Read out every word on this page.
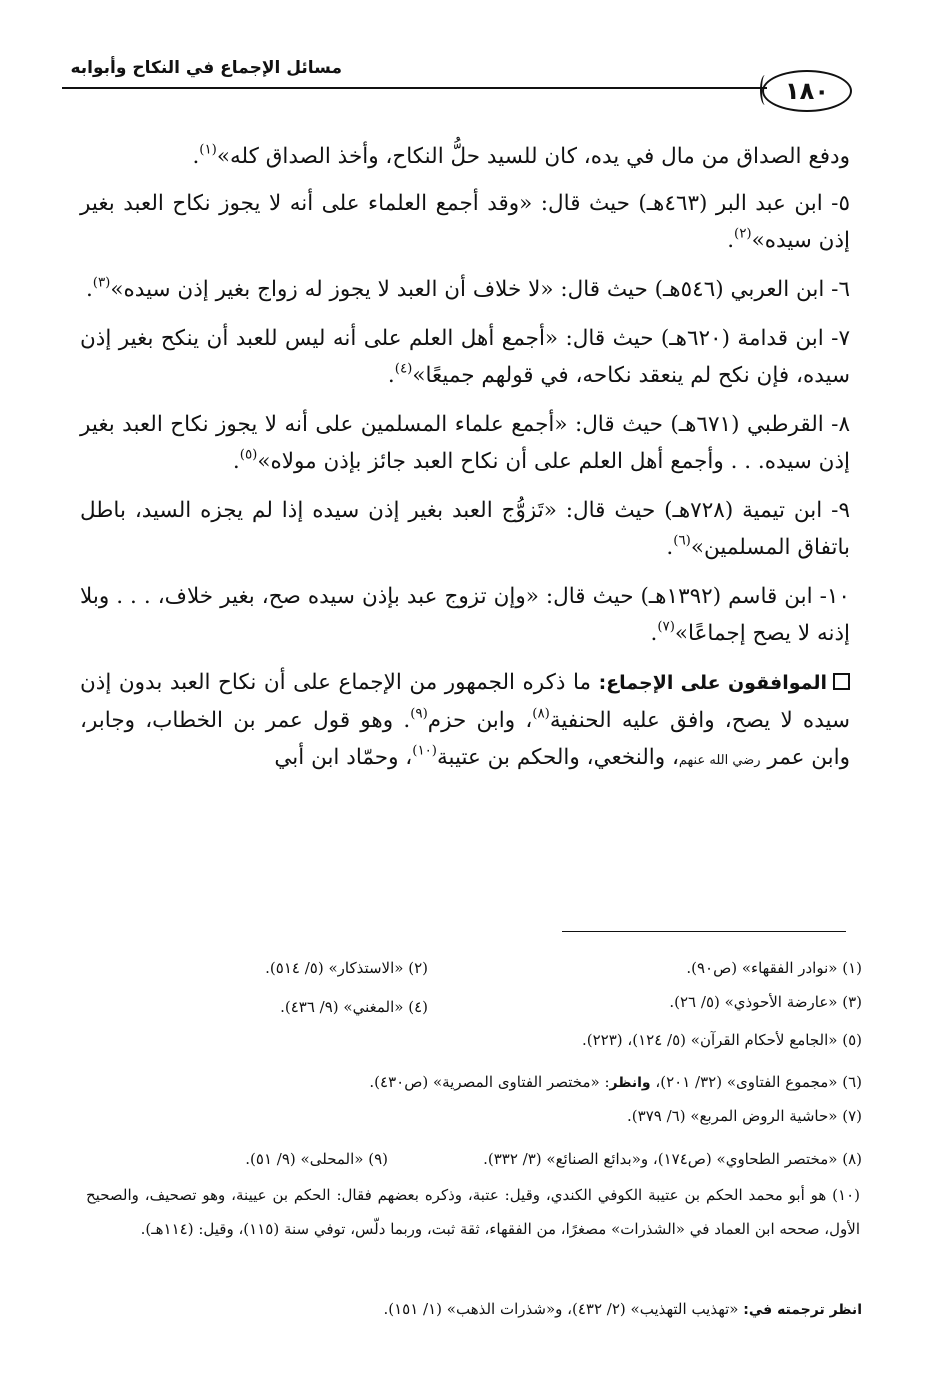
مسائل الإجماع في النكاح وأبوابه
١٨٠

ودفع الصداق من مال في يده، كان للسيد حلُّ النكاح، وأخذ الصداق كله»$^{(١)}$.

٥- ابن عبد البر (٤٦٣هـ) حيث قال: «وقد أجمع العلماء على أنه لا يجوز نكاح العبد بغير إذن سيده»$^{(٢)}$.

٦- ابن العربي (٥٤٦هـ) حيث قال: «لا خلاف أن العبد لا يجوز له زواج بغير إذن سيده»$^{(٣)}$.

٧- ابن قدامة (٦٢٠هـ) حيث قال: «أجمع أهل العلم على أنه ليس للعبد أن ينكح بغير إذن سيده، فإن نكح لم ينعقد نكاحه، في قولهم جميعًا»$^{(٤)}$.

٨- القرطبي (٦٧١هـ) حيث قال: «أجمع علماء المسلمين على أنه لا يجوز نكاح العبد بغير إذن سيده. . . وأجمع أهل العلم على أن نكاح العبد جائز بإذن مولاه»$^{(٥)}$.

٩- ابن تيمية (٧٢٨هـ) حيث قال: «تَزوُّج العبد بغير إذن سيده إذا لم يجزه السيد، باطل باتفاق المسلمين»$^{(٦)}$.

١٠- ابن قاسم (١٣٩٢هـ) حيث قال: «وإن تزوج عبد بإذن سيده صح، بغير خلاف، . . . وبلا إذنه لا يصح إجماعًا»$^{(٧)}$.

الموافقون على الإجماع: ما ذكره الجمهور من الإجماع على أن نكاح العبد بدون إذن سيده لا يصح، وافق عليه الحنفية$^{(٨)}$، وابن حزم$^{(٩)}$. وهو قول عمر بن الخطاب، وجابر، وابن عمر رضي الله عنهم، والنخعي، والحكم بن عتيبة$^{(١٠)}$، وحمّاد ابن أبي

(١) «نوادر الفقهاء» (ص٩٠).
(٢) «الاستذكار» (٥/ ٥١٤).
(٣) «عارضة الأحوذي» (٥/ ٢٦).
(٤) «المغني» (٩/ ٤٣٦).
(٥) «الجامع لأحكام القرآن» (٥/ ١٢٤)، (٢٢٣).
(٦) «مجموع الفتاوى» (٣٢/ ٢٠١)، وانظر: «مختصر الفتاوى المصرية» (ص٤٣٠).
(٧) «حاشية الروض المربع» (٦/ ٣٧٩).
(٨) «مختصر الطحاوي» (ص١٧٤)، و«بدائع الصنائع» (٣/ ٣٣٢).
(٩) «المحلى» (٩/ ٥١).
(١٠) هو أبو محمد الحكم بن عتيبة الكوفي الكندي، وقيل: عتبة، وذكره بعضهم فقال: الحكم بن عيينة، وهو تصحيف، والصحيح الأول، صححه ابن العماد في «الشذرات» مصغرًا، من الفقهاء، ثقة ثبت، وربما دلّس، توفي سنة (١١٥)، وقيل: (١١٤هـ).
انظر ترجمته في: «تهذيب التهذيب» (٢/ ٤٣٢)، و«شذرات الذهب» (١/ ١٥١).
